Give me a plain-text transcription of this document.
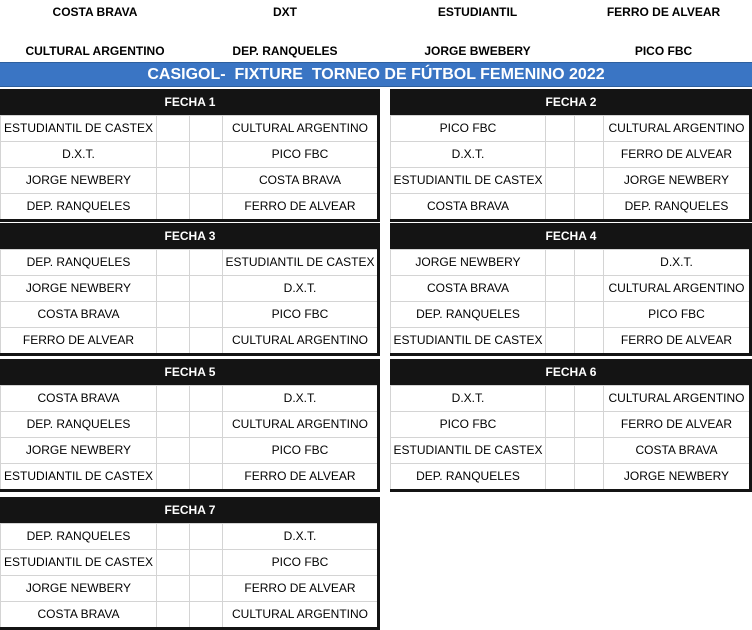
COSTA BRAVA	DXT	ESTUDIANTIL	FERRO DE ALVEAR
CULTURAL ARGENTINO	DEP. RANQUELES	JORGE BWEBERY	PICO FBC
CASIGOL-  FIXTURE  TORNEO DE FÚTBOL FEMENINO 2022
FECHA 1
ESTUDIANTIL DE CASTEX	CULTURAL ARGENTINO
D.X.T.	PICO FBC
JORGE NEWBERY	COSTA BRAVA
DEP. RANQUELES	FERRO DE ALVEAR
FECHA 2
PICO FBC	CULTURAL ARGENTINO
D.X.T.	FERRO DE ALVEAR
ESTUDIANTIL DE CASTEX	JORGE NEWBERY
COSTA BRAVA	DEP. RANQUELES
FECHA 3
DEP. RANQUELES	ESTUDIANTIL DE CASTEX
JORGE NEWBERY	D.X.T.
COSTA BRAVA	PICO FBC
FERRO DE ALVEAR	CULTURAL ARGENTINO
FECHA 4
JORGE NEWBERY	D.X.T.
COSTA BRAVA	CULTURAL ARGENTINO
DEP. RANQUELES	PICO FBC
ESTUDIANTIL DE CASTEX	FERRO DE ALVEAR
FECHA 5
COSTA BRAVA	D.X.T.
DEP. RANQUELES	CULTURAL ARGENTINO
JORGE NEWBERY	PICO FBC
ESTUDIANTIL DE CASTEX	FERRO DE ALVEAR
FECHA 6
D.X.T.	CULTURAL ARGENTINO
PICO FBC	FERRO DE ALVEAR
ESTUDIANTIL DE CASTEX	COSTA BRAVA
DEP. RANQUELES	JORGE NEWBERY
FECHA 7
DEP. RANQUELES	D.X.T.
ESTUDIANTIL DE CASTEX	PICO FBC
JORGE NEWBERY	FERRO DE ALVEAR
COSTA BRAVA	CULTURAL ARGENTINO
